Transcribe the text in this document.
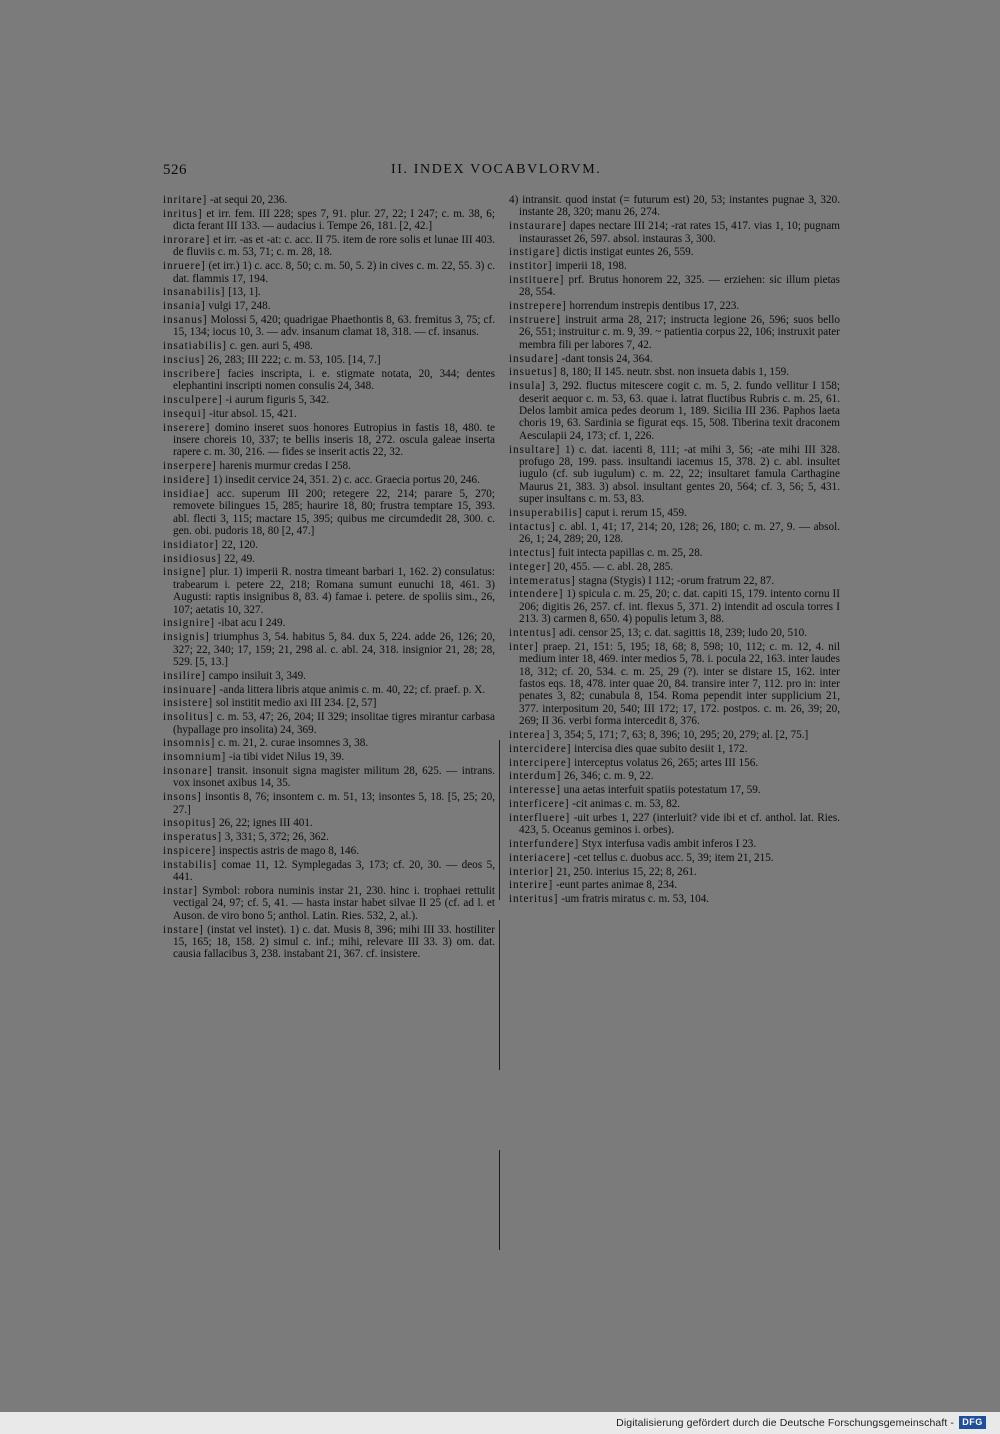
526	II. INDEX VOCABVLORVM.

inritare] -at sequi 20, 236.

inritus] et irr. fem. III 228; spes 7, 91. plur. 27, 22; I 247; c. m. 38, 6; dicta ferant III 133. — audacius i. Tempe 26, 181. [2, 42.]

inrorare] et irr. -as et -at: c. acc. II 75. item de rore solis et lunae III 403. de fluviis c. m. 53, 71; c. m. 28, 18.

inruere] (et irr.) 1) c. acc. 8, 50; c. m. 50, 5. 2) in cives c. m. 22, 55. 3) c. dat. flammis 17, 194.

insanabilis] [13, 1].

insania] vulgi 17, 248.

insanus] Molossi 5, 420; quadrigae Phaethontis 8, 63. fremitus 3, 75; cf. 15, 134; iocus 10, 3. — adv. insanum clamat 18, 318. — cf. insanus.

insatiabilis] c. gen. auri 5, 498.

inscius] 26, 283; III 222; c. m. 53, 105. [14, 7.]

inscribere] facies inscripta, i. e. stigmate notata, 20, 344; dentes elephantini inscripti nomen consulis 24, 348.

insculpere] -i aurum figuris 5, 342.

insequi] -itur absol. 15, 421.

inserere] domino inseret suos honores Eutropius in fastis 18, 480. te insere choreis 10, 337; te bellis inseris 18, 272. oscula galeae inserta rapere c. m. 30, 216. — fides se inserit actis 22, 32.

inserpere] harenis murmur credas I 258.

insidere] 1) insedit cervice 24, 351. 2) c. acc. Graecia portus 20, 246.

insidiae] acc. superum III 200; retegere 22, 214; parare 5, 270; removete bilingues 15, 285; haurire 18, 80; frustra temptare 15, 393. abl. flecti 3, 115; mactare 15, 395; quibus me circumdedit 28, 300. c. gen. obi. pudoris 18, 80 [2, 47.]

insidiator] 22, 120.

insidiosus] 22, 49.

insigne] plur. 1) imperii R. nostra timeant barbari 1, 162. 2) consulatus: trabearum i. petere 22, 218; Romana sumunt eunuchi 18, 461. 3) Augusti: raptis insignibus 8, 83. 4) famae i. petere. de spoliis sim., 26, 107; aetatis 10, 327.

insignire] -ibat acu I 249.

insignis] triumphus 3, 54. habitus 5, 84. dux 5, 224. adde 26, 126; 20, 327; 22, 340; 17, 159; 21, 298 al. c. abl. 24, 318. insignior 21, 28; 28, 529. [5, 13.]

insilire] campo insiluit 3, 349.

insinuare] -anda littera libris atque animis c. m. 40, 22; cf. praef. p. X.

insistere] sol institit medio axi III 234. [2, 57]

insolitus] c. m. 53, 47; 26, 204; II 329; insolitae tigres mirantur carbasa (hypallage pro insolita) 24, 369.

insomnis] c. m. 21, 2. curae insomnes 3, 38.

insomnium] -ia tibi videt Nilus 19, 39.

insonare] transit. insonuit signa magister militum 28, 625. — intrans. vox insonet axibus 14, 35.

insons] insontis 8, 76; insontem c. m. 51, 13; insontes 5, 18. [5, 25; 20, 27.]

insopitus] 26, 22; ignes III 401.

insperatus] 3, 331; 5, 372; 26, 362.

inspicere] inspectis astris de mago 8, 146.

instabilis] comae 11, 12. Symplegadas 3, 173; cf. 20, 30. — deos 5, 441.

instar] Symbol: robora numinis instar 21, 230. hinc i. trophaei rettulit vectigal 24, 97; cf. 5, 41. — hasta instar habet silvae II 25 (cf. ad l. et Auson. de viro bono 5; anthol. Latin. Ries. 532, 2, al.).

instare] (instat vel instet). 1) c. dat. Musis 8, 396; mihi III 33. hostiliter 15, 165; 18, 158. 2) simul c. inf.; mihi, relevare III 33. 3) om. dat. causia fallacibus 3, 238. instabant 21, 367. cf. insistere.

4) intransit. quod instat (= futurum est) 20, 53; instantes pugnae 3, 320. instante 28, 320; manu 26, 274.

instaurare] dapes nectare III 214; -rat rates 15, 417. vias 1, 10; pugnam instaurasset 26, 597. absol. instauras 3, 300.

instigare] dictis instigat euntes 26, 559.

institor] imperii 18, 198.

instituere] prf. Brutus honorem 22, 325. — erziehen: sic illum pietas 28, 554.

instrepere] horrendum instrepis dentibus 17, 223.

instruere] instruit arma 28, 217; instructa legione 26, 596; suos bello 26, 551; instruitur c. m. 9, 39. ~ patientia corpus 22, 106; instruxit pater membra fili per labores 7, 42.

insudare] -dant tonsis 24, 364.

insuetus] 8, 180; II 145. neutr. sbst. non insueta dabis 1, 159.

insula] 3, 292. fluctus mitescere cogit c. m. 5, 2. fundo vellitur I 158; deserit aequor c. m. 53, 63. quae i. latrat fluctibus Rubris c. m. 25, 61. Delos lambit amica pedes deorum 1, 189. Sicilia III 236. Paphos laeta choris 19, 63. Sardinia se figurat eqs. 15, 508. Tiberina texit draconem Aesculapii 24, 173; cf. 1, 226.

insultare] 1) c. dat. iacenti 8, 111; -at mihi 3, 56; -ate mihi III 328. profugo 28, 199. pass. insultandi iacemus 15, 378. 2) c. abl. insultet iugulo (cf. sub iugulum) c. m. 22, 22; insultaret famula Carthagine Maurus 21, 383. 3) absol. insultant gentes 20, 564; cf. 3, 56; 5, 431. super insultans c. m. 53, 83.

insuperabilis] caput i. rerum 15, 459.

intactus] c. abl. 1, 41; 17, 214; 20, 128; 26, 180; c. m. 27, 9. — absol. 26, 1; 24, 289; 20, 128.

intectus] fuit intecta papillas c. m. 25, 28.

integer] 20, 455. — c. abl. 28, 285.

intemeratus] stagna (Stygis) I 112; -orum fratrum 22, 87.

intendere] 1) spicula c. m. 25, 20; c. dat. capiti 15, 179. intento cornu II 206; digitis 26, 257. cf. int. flexus 5, 371. 2) intendit ad oscula torres I 213. 3) carmen 8, 650. 4) populis letum 3, 88.

intentus] adi. censor 25, 13; c. dat. sagittis 18, 239; ludo 20, 510.

inter] praep. 21, 151: 5, 195; 18, 68; 8, 598; 10, 112; c. m. 12, 4. nil medium inter 18, 469. inter medios 5, 78. i. pocula 22, 163. inter laudes 18, 312; cf. 20, 534. c. m. 25, 29 (?). inter se distare 15, 162. inter fastos eqs. 18, 478. inter quae 20, 84. transire inter 7, 112. pro in: inter penates 3, 82; cunabula 8, 154. Roma pependit inter supplicium 21, 377. interpositum 20, 540; III 172; 17, 172. postpos. c. m. 26, 39; 20, 269; II 36. verbi forma intercedit 8, 376.

interea] 3, 354; 5, 171; 7, 63; 8, 396; 10, 295; 20, 279; al. [2, 75.]

intercidere] intercisa dies quae subito desiit 1, 172.

intercipere] interceptus volatus 26, 265; artes III 156.

interdum] 26, 346; c. m. 9, 22.

interesse] una aetas interfuit spatiis potestatum 17, 59.

interficere] -cit animas c. m. 53, 82.

interfluere] -uit urbes 1, 227 (interluit? vide ibi et cf. anthol. lat. Ries. 423, 5. Oceanus geminos i. orbes).

interfundere] Styx interfusa vadis ambit inferos I 23.

interiacere] -cet tellus c. duobus acc. 5, 39; item 21, 215.

interior] 21, 250. interius 15, 22; 8, 261.

interire] -eunt partes animae 8, 234.

interitus] -um fratris miratus c. m. 53, 104.

Digitalisierung gefördert durch die Deutsche Forschungsgemeinschaft - DFG
